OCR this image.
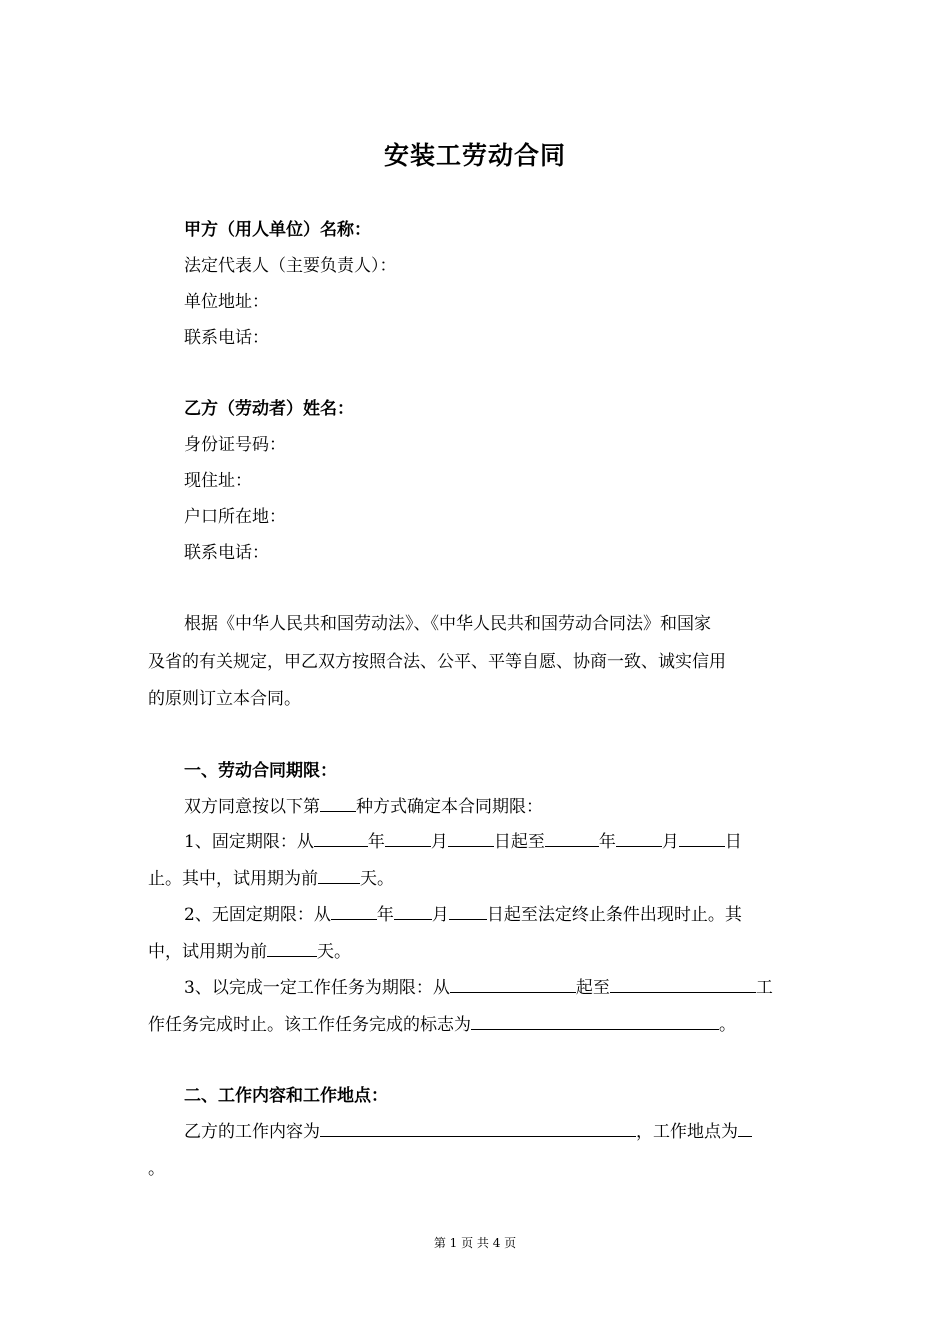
安装工劳动合同
甲方（用人单位）名称：
法定代表人（主要负责人）：
单位地址：
联系电话：
乙方（劳动者）姓名：
身份证号码：
现住址：
户口所在地：
联系电话：
根据《中华人民共和国劳动法》、《中华人民共和国劳动合同法》和国家
及省的有关规定，甲乙双方按照合法、公平、平等自愿、协商一致、诚实信用
的原则订立本合同。
一、劳动合同期限：
双方同意按以下第 种方式确定本合同期限：
1、固定期限：从	年	月	日起至	年	月	日
止。其中，试用期为前 天。
2、无固定期限：从	年 月 日起至法定终止条件出现时止。其
中，试用期为前	天。
3、以完成一定工作任务为期限：从	起至	工
作任务完成时止。该工作任务完成的标志为	。
二、工作内容和工作地点：
乙方的工作内容为	，工作地点为
。
第 1 页 共 4 页
